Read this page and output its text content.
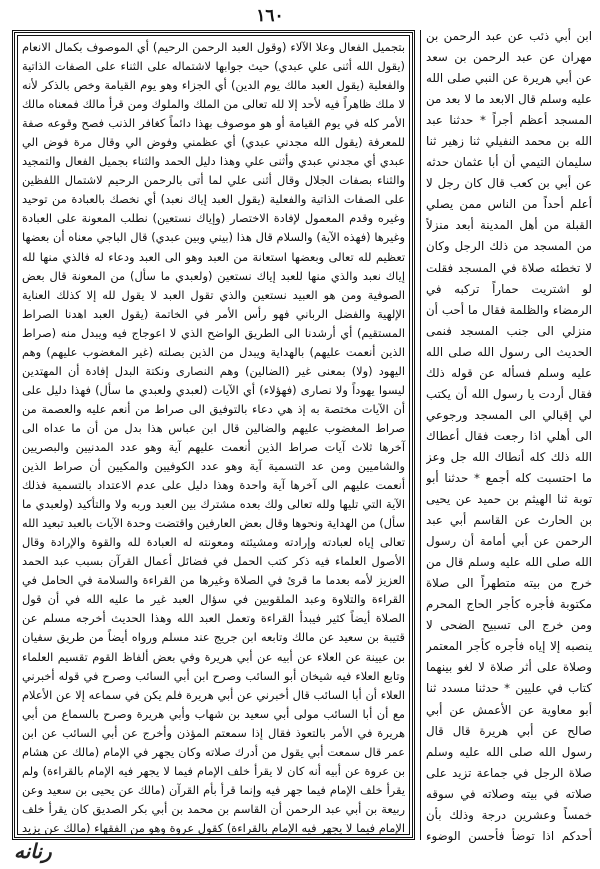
١٦٠

ابن أبي ذئب عن عبد الرحمن بن مهران عن عبد الرحمن بن سعد عن أبي هريرة عن النبي صلى الله عليه وسلم قال الابعد ما لا بعد من المسجد أعظم أجراً * حدثنا عبد الله بن محمد النفيلي ثنا زهير ثنا سليمان التيمي أن أبا عثمان حدثه عن أبي بن كعب قال كان رجل لا أعلم أحداً من الناس ممن يصلي القبلة من أهل المدينة أبعد منزلاً من المسجد من ذلك الرجل وكان لا تخطئه صلاة في المسجد فقلت لو اشتريت حماراً تركبه في الرمضاء والظلمة فقال ما أحب أن منزلي الى جنب المسجد فنمى الحديث الى رسول الله صلى الله عليه وسلم فسأله عن قوله ذلك فقال أردت يا رسول الله أن يكتب لي إقبالي الى المسجد ورجوعي الى أهلي اذا رجعت فقال أعطاك الله ذلك كله أنطاك الله جل وعز ما احتسبت كله أجمع * حدثنا أبو توبة ثنا الهيثم بن حميد عن يحيى بن الحارث عن القاسم أبي عبد الرحمن عن أبي أمامة أن رسول الله صلى الله عليه وسلم قال من خرج من بيته متطهراً الى صلاة مكتوبة فأجره كأجر الحاج المحرم ومن خرج الى تسبيح الضحى لا ينصبه إلا إياه فأجره كأجر المعتمر وصلاة على أثر صلاة لا لغو بينهما كتاب في عليين * حدثنا مسدد ثنا أبو معاوية عن الأعمش عن أبي صالح عن أبي هريرة قال قال رسول الله صلى الله عليه وسلم صلاة الرجل في جماعة تزيد على صلاته في بيته وصلاته في سوقه خمساً وعشرين درجة وذلك بأن أحدكم اذا توضأ فأحسن الوضوء

بتجميل الفعال وعلا الآلاء (وقول العبد الرحمن الرحيم) أي الموصوف بكمال الانعام (يقول الله أثنى علي عبدي) حيث جوابها لاشتماله على الثناء على الصفات الذاتية والفعلية (يقول العبد مالك يوم الدين) أي الجزاء وهو يوم القيامة وخص بالذكر لأنه لا ملك ظاهراً فيه لأحد إلا لله تعالى من الملك والملوك ومن قرأ مالك فمعناه مالك الأمر كله في يوم القيامة أو هو موصوف بهذا دائماً كغافر الذنب فصح وقوعه صفة للمعرفة (يقول الله مجدني عبدي) أي عظمني وفوض الي وقال مرة فوض الي عبدي أي مجدني عبدي وأثنى علي وهذا دليل الحمد والثناء بجميل الفعال والتمجيد والثناء بصفات الجلال وقال أثنى علي لما أتى بالرحمن الرحيم لاشتمال اللفظين على الصفات الذاتية والفعلية (يقول العبد إياك نعبد) أي نخصك بالعبادة من توحيد وغيره وقدم المعمول لإفادة الاختصار (وإياك نستعين) نطلب المعونة على العبادة وغيرها (فهذه الآية) والسلام قال هذا (بيني وبين عبدي) قال الباجي معناه أن بعضها تعظيم لله تعالى وبعضها استعانة من العبد وهو الى العبد ودعاء له فالذي منها لله إياك نعبد والذي منها للعبد إياك نستعين (ولعبدي ما سأل) من المعونة قال بعض الصوفية ومن هو العبيد نستعين والذي تقول العبد لا يقول لله إلا كذلك العناية الإلهية والفضل الرباني فهو رأس الأمر في الخاتمة (يقول العبد اهدنا الصراط المستقيم) أي أرشدنا الى الطريق الواضح الذي لا اعوجاج فيه ويبدل منه (صراط الذين أنعمت عليهم) بالهداية ويبدل من الذين بصلته (غير المغضوب عليهم) وهم اليهود (ولا) بمعنى غير (الضالين) وهم النصارى ونكتة البدل إفادة أن المهتدين ليسوا يهوداً ولا نصارى (فهؤلاء) أي الآيات (لعبدي ولعبدي ما سأل) فهذا دليل على أن الآيات مختصة به إذ هي دعاء بالتوفيق الى صراط من أنعم عليه والعصمة من صراط المغضوب عليهم والضالين قال ابن عباس هذا بدل من أن ما عداه الى آخرها ثلاث آيات صراط الذين أنعمت عليهم آية وهو عدد المدنيين والبصريين والشاميين ومن عد التسمية آية وهو عدد الكوفيين والمكيين أن صراط الذين أنعمت عليهم الى آخرها آية واحدة وهذا دليل على عدم الاعتداد بالتسمية فذلك الآية التي تليها ولله تعالى ولك بعده مشترك بين العبد وربه ولا والتأكيد (ولعبدي ما سأل) من الهداية ونحوها وقال بعض العارفين واقتضت وحدة الآيات بالعبد تبعيد الله تعالى إياه لعبادته وإرادته ومشيئته ومعونته له العبادة لله والقوة والإرادة وقال الأصول العلماء فيه ذكر كتب الحمل في فضائل أعمال القرآن بسبب عبد الحمد العزيز لأمه بعدما ما قرئ في الصلاة وغيرها من القراءة والسلامة في الحامل في القراءة والتلاوة وعبد الملقوبين في سؤال العبد غير ما عليه الله في أن قول الصلاة أيضاً كثير فيبدأ القراءة وتعمل العبد الله وهذا الحديث أخرجه مسلم عن قتيبة بن سعيد عن مالك وتابعه ابن جريج عند مسلم ورواه أيضاً من طريق سفيان بن عيينة عن العلاء عن أبيه عن أبي هريرة وفي بعض ألفاظ القوم تقسيم العلماء وتابع العلاء فيه شيخان أبو السائب وصرح ابن أبي السائب وصرح في قوله أخبرني العلاء أن أبا السائب قال أخبرني عن أبي هريرة فلم يكن في سماعه إلا عن الأعلام مع أن أبا السائب مولى أبي سعيد بن شهاب وأبي هريرة وصرح بالسماع من أبي هريرة في الأمر بالتعوذ فقال إذا سمعتم المؤذن وأخرج عن أبي السائب عن ابن عمر قال سمعت أبي يقول من أدرك صلاته وكان يجهر في الإمام (مالك عن هشام بن عروة عن أبيه أنه كان لا يقرأ خلف الإمام فيما لا يجهر فيه الإمام بالقراءة) ولم يقرأ خلف الإمام فيما جهر فيه وإنما قرأ بأم القرآن (مالك عن يحيى بن سعيد وعن ربيعة بن أبي عبد الرحمن أن القاسم بن محمد بن أبي بكر الصديق كان يقرأ خلف الإمام فيما لا يجهر فيه الإمام بالقراءة) كقول عروة وهو من الفقهاء (مالك عن يزيد

رنانه
